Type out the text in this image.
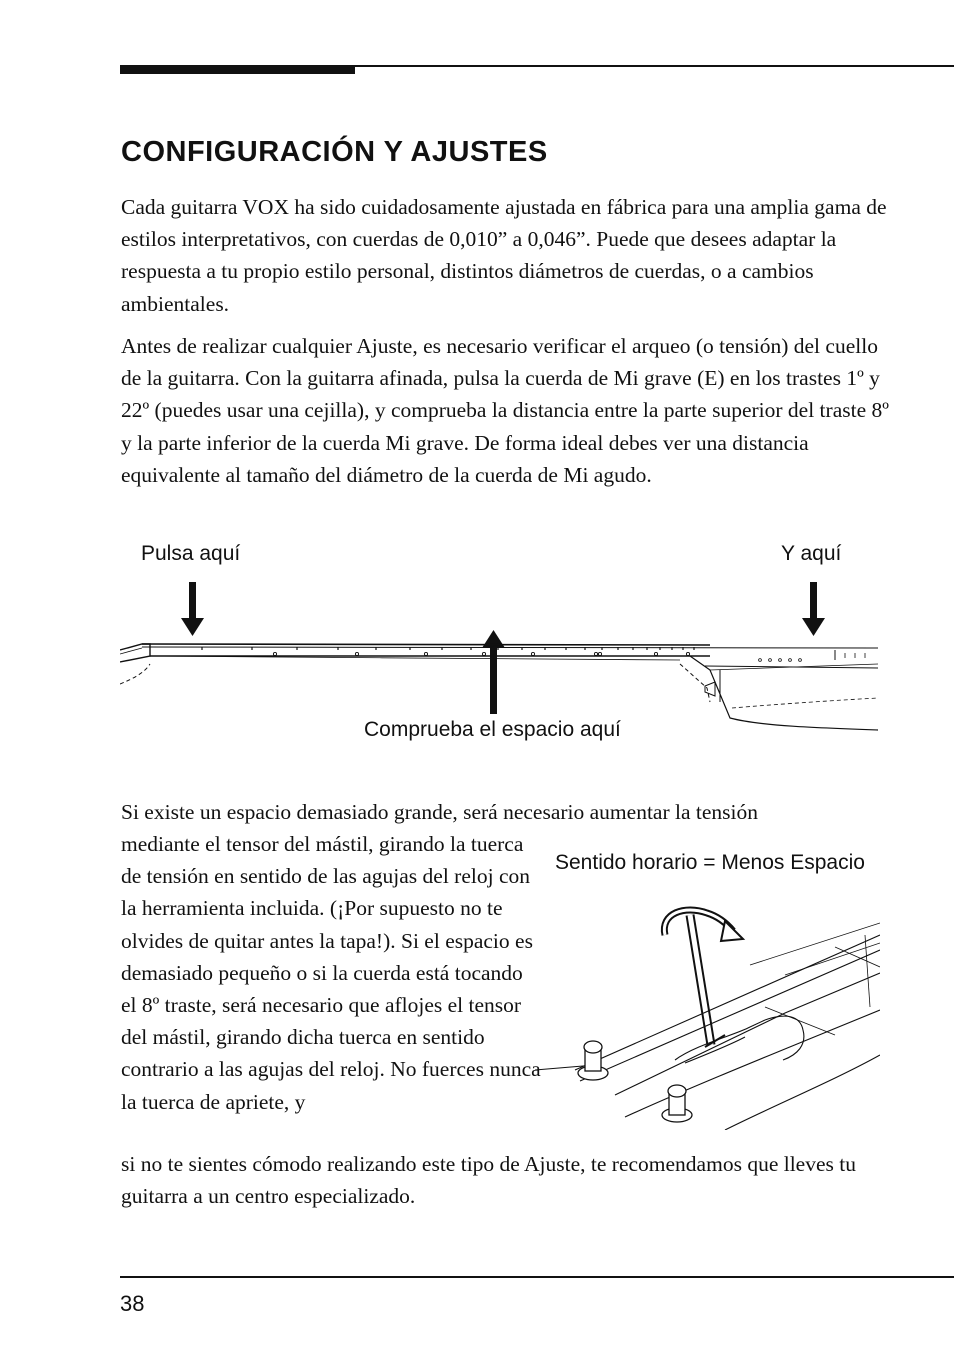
CONFIGURACIÓN Y AJUSTES

Cada guitarra VOX ha sido cuidadosamente ajustada en fábrica para una amplia gama de estilos interpretativos, con cuerdas de 0,010” a 0,046”. Puede que desees adaptar la respuesta a tu propio estilo personal, distintos diámetros de cuerdas, o a cambios ambientales.

Antes de realizar cualquier Ajuste, es necesario verificar el arqueo (o tensión) del cuello de la guitarra. Con la guitarra afinada, pulsa la cuerda de Mi grave (E) en los trastes 1º y 22º (puedes usar una cejilla), y comprueba la distancia entre la parte superior del traste 8º y la parte inferior de la cuerda Mi grave. De forma ideal debes ver una distancia equivalente al tamaño del diámetro de la cuerda de Mi agudo.

Pulsa aquí	Y aquí
Comprueba el espacio aquí

Si existe un espacio demasiado grande, será necesario aumentar la tensión

mediante el tensor del mástil, girando la tuerca de tensión en sentido de las agujas del reloj con la herramienta incluida. (¡Por supuesto no te olvides de quitar antes la tapa!). Si el espacio es demasiado pequeño o si la cuerda está tocando el 8º traste, será necesario que aflojes el tensor del mástil, girando dicha tuerca en sentido contrario a las agujas del reloj. No fuerces nunca la tuerca de apriete, y

si no te sientes cómodo realizando este tipo de Ajuste, te recomendamos que lleves tu guitarra a un centro especializado.

Sentido horario = Menos Espacio
38
